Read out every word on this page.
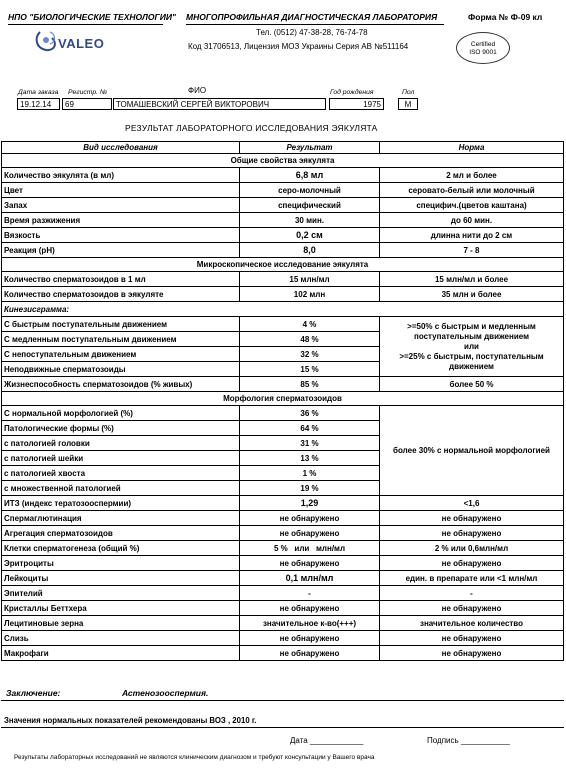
НПО "БИОЛОГИЧЕСКИЕ ТЕХНОЛОГИИ" МНОГОПРОФИЛЬНАЯ ДИАГНОСТИЧЕСКАЯ ЛАБОРАТОРИЯ	Форма № Ф-09 кл
VALEO
Тел. (0512) 47-38-28, 76-74-78
Код 31706513, Лицензия МОЗ Украины Серия АВ №511164	Certified
ISO 9001
Дата заказа Регистр. №	ФИО	Год рождения	Пол
19.12.14	69	ТОМАШЕВСКИЙ СЕРГЕЙ ВИКТОРОВИЧ	1975	М
РЕЗУЛЬТАТ ЛАБОРАТОРНОГО ИССЛЕДОВАНИЯ ЭЯКУЛЯТА
Вид исследования	Результат	Норма
Общие свойства эякулята		
Количество эякулята (в мл)	6,8 мл	2 мл и более
Цвет	серо-молочный	серовато-белый или молочный
Запах	специфический	специфич.(цветов каштана)
Время разжижения	30 мин.	до 60 мин.
Вязкость	0,2 см	длинна нити до 2 см
Реакция (pH)	8,0	7 - 8
Микроскопическое исследование эякулята		
Количество сперматозоидов в 1 мл	15 млн/мл	15 млн/мл и более
Количество сперматозоидов в эякуляте	102 млн	35 млн и более
Кинезисграмма:		
С быстрым поступательным движением	4 %	>=50% с быстрым и медленным
поступательным движением
или
>=25% с быстрым, поступательным
движением

С медленным поступательным движением	48 %	
С непоступательным движением	32 %	
Неподвижные сперматозоиды	15 %	
Жизнеспособность сперматозоидов (% живых)	85 %	более 50 %
Морфология сперматозоидов		
С нормальной морфологией (%)	36 %	более 30% с нормальной морфологией
Патологические формы (%)	64 %	
с патологией головки	31 %	
с патологией шейки	13 %	
с патологией хвоста	1 %	
с множественной патологией	19 %	
ИТЗ (индекс тератозооспермии)	1,29	<1,6
Спермаглютинация	не обнаружено	не обнаружено
Агрегация сперматозоидов	не обнаружено	не обнаружено
Клетки сперматогенеза (общий %)	5 %   или   млн/мл	2 % или 0,6млн/мл
Эритроциты	не обнаружено	не обнаружено
Лейкоциты	0,1 млн/мл	един. в препарате или <1 млн/мл
Эпителий	-	-
Кристаллы Беттхера	не обнаружено	не обнаружено
Лецитиновые зерна	значительное к-во(+++)	значительное количество
Слизь	не обнаружено	не обнаружено
Макрофаги	не обнаружено	не обнаружено
Заключение:	Астенозооспермия.
Значения нормальных показателей рекомендованы ВОЗ , 2010 г.
Дата ____________	Подпись ___________
Результаты лабораторных исследований не являются клиническим диагнозом и требуют консультации у Вашего врача
